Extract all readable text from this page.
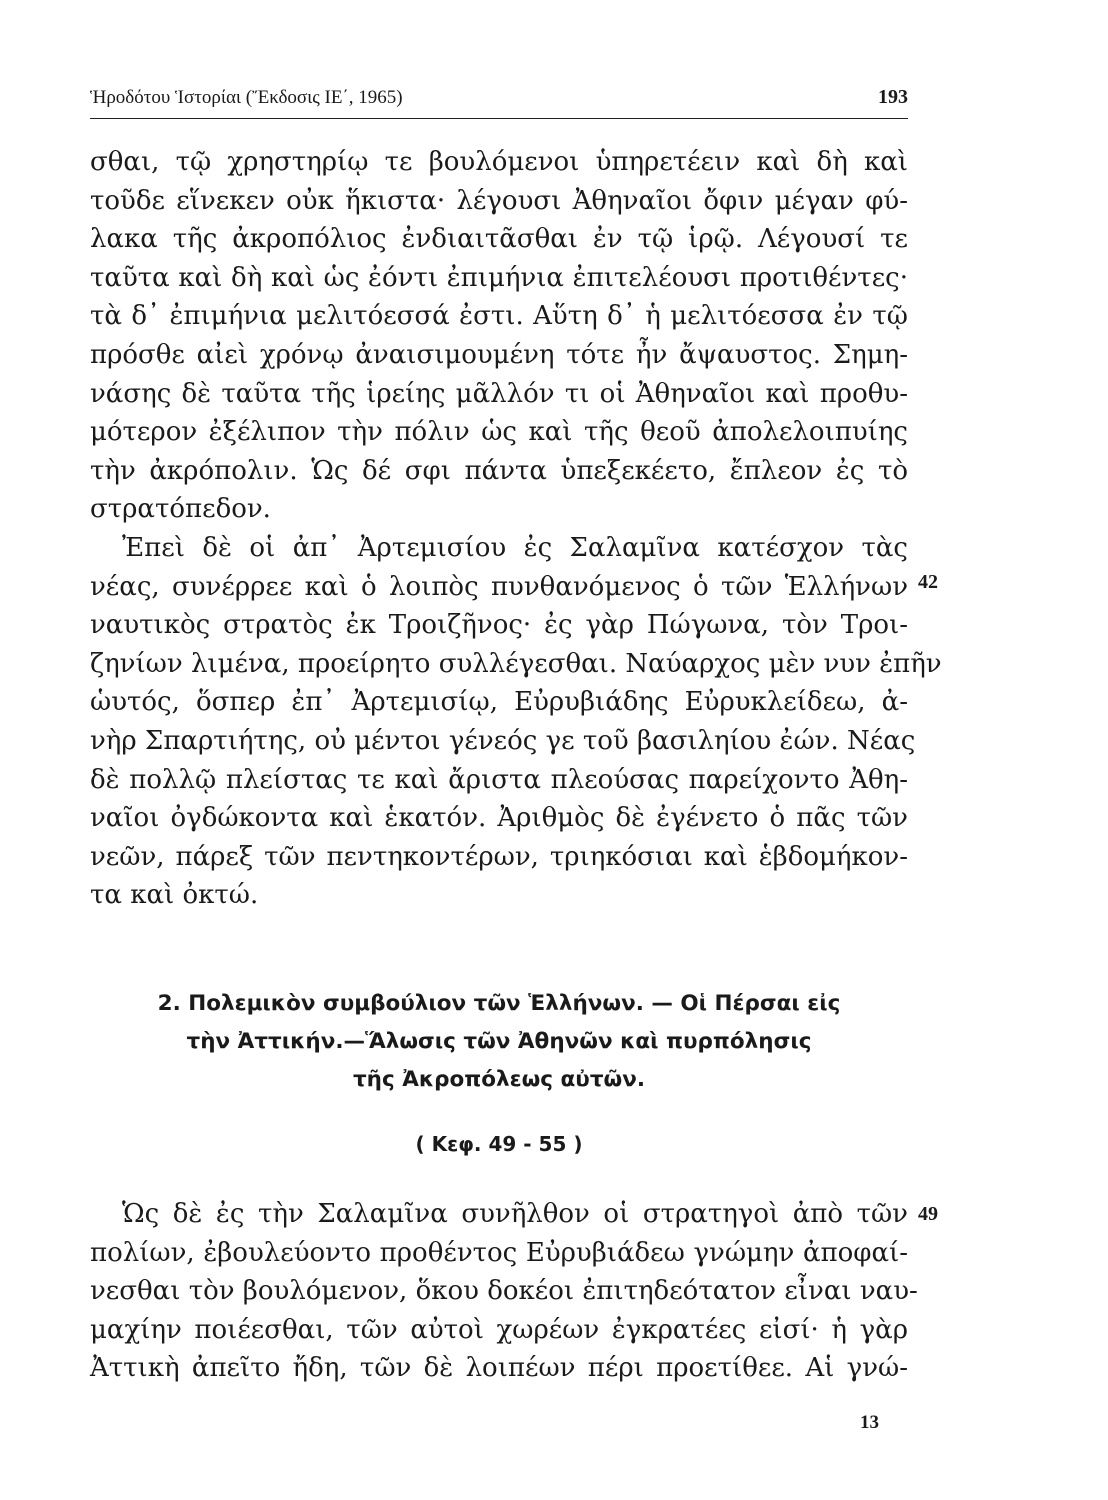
Ἡροδότου Ἱστορίαι (Ἔκδοσις ΙΕ΄, 1965)	193
σθαι, τῷ χρηστηρίῳ τε βουλόμενοι ὑπηρετέειν καὶ δὴ καὶ
τοῦδε εἵνεκεν οὐκ ἥκιστα· λέγουσι Ἀθηναῖοι ὄφιν μέγαν φύ-
λακα τῆς ἀκροπόλιος ἐνδιαιτᾶσθαι ἐν τῷ ἱρῷ. Λέγουσί τε
ταῦτα καὶ δὴ καὶ ὡς ἐόντι ἐπιμήνια ἐπιτελέουσι προτιθέντες·
τὰ δ᾽ ἐπιμήνια μελιτόεσσά ἐστι. Αὕτη δ᾽ ἡ μελιτόεσσα ἐν τῷ
πρόσθε αἰεὶ χρόνῳ ἀναισιμουμένη τότε ἦν ἄψαυστος. Σημη-
νάσης δὲ ταῦτα τῆς ἱρείης μᾶλλόν τι οἱ Ἀθηναῖοι καὶ προθυ-
μότερον ἐξέλιπον τὴν πόλιν ὡς καὶ τῆς θεοῦ ἀπολελοιπυίης
τὴν ἀκρόπολιν. Ὡς δέ σφι πάντα ὑπεξεκέετο, ἔπλεον ἐς τὸ
στρατόπεδον.
Ἐπεὶ δὲ οἱ ἀπ᾽ Ἀρτεμισίου ἐς Σαλαμῖνα κατέσχον τὰς
νέας, συνέρρεε καὶ ὁ λοιπὸς πυνθανόμενος ὁ τῶν Ἑλλήνων
ναυτικὸς στρατὸς ἐκ Τροιζῆνος· ἐς γὰρ Πώγωνα, τὸν Τροι-
ζηνίων λιμένα, προείρητο συλλέγεσθαι. Ναύαρχος μὲν νυν ἐπῆν
ὡυτός, ὅσπερ ἐπ᾽ Ἀρτεμισίῳ, Εὐρυβιάδης Εὐρυκλείδεω, ἀ-
νὴρ Σπαρτιήτης, οὐ μέντοι γένεός γε τοῦ βασιληίου ἐών. Νέας
δὲ πολλῷ πλείστας τε καὶ ἄριστα πλεούσας παρείχοντο Ἀθη-
ναῖοι ὀγδώκοντα καὶ ἑκατόν. Ἀριθμὸς δὲ ἐγένετο ὁ πᾶς τῶν
νεῶν, πάρεξ τῶν πεντηκοντέρων, τριηκόσιαι καὶ ἑβδομήκον-
τα καὶ ὀκτώ.
42
2. Πολεμικὸν συμβούλιον τῶν Ἑλλήνων. — Οἱ Πέρσαι εἰς
τὴν Ἀττικήν.—Ἅλωσις τῶν Ἀθηνῶν καὶ πυρπόλησις
τῆς Ἀκροπόλεως αὐτῶν.
( Κεφ. 49 - 55 )
Ὡς δὲ ἐς τὴν Σαλαμῖνα συνῆλθον οἱ στρατηγοὶ ἀπὸ τῶν
πολίων, ἐβουλεύοντο προθέντος Εὐρυβιάδεω γνώμην ἀποφαί-
νεσθαι τὸν βουλόμενον, ὅκου δοκέοι ἐπιτηδεότατον εἶναι ναυ-
μαχίην ποιέεσθαι, τῶν αὐτοὶ χωρέων ἐγκρατέες εἰσί· ἡ γὰρ
Ἀττικὴ ἀπεῖτο ἤδη, τῶν δὲ λοιπέων πέρι προετίθεε. Αἱ γνώ-
49
13
